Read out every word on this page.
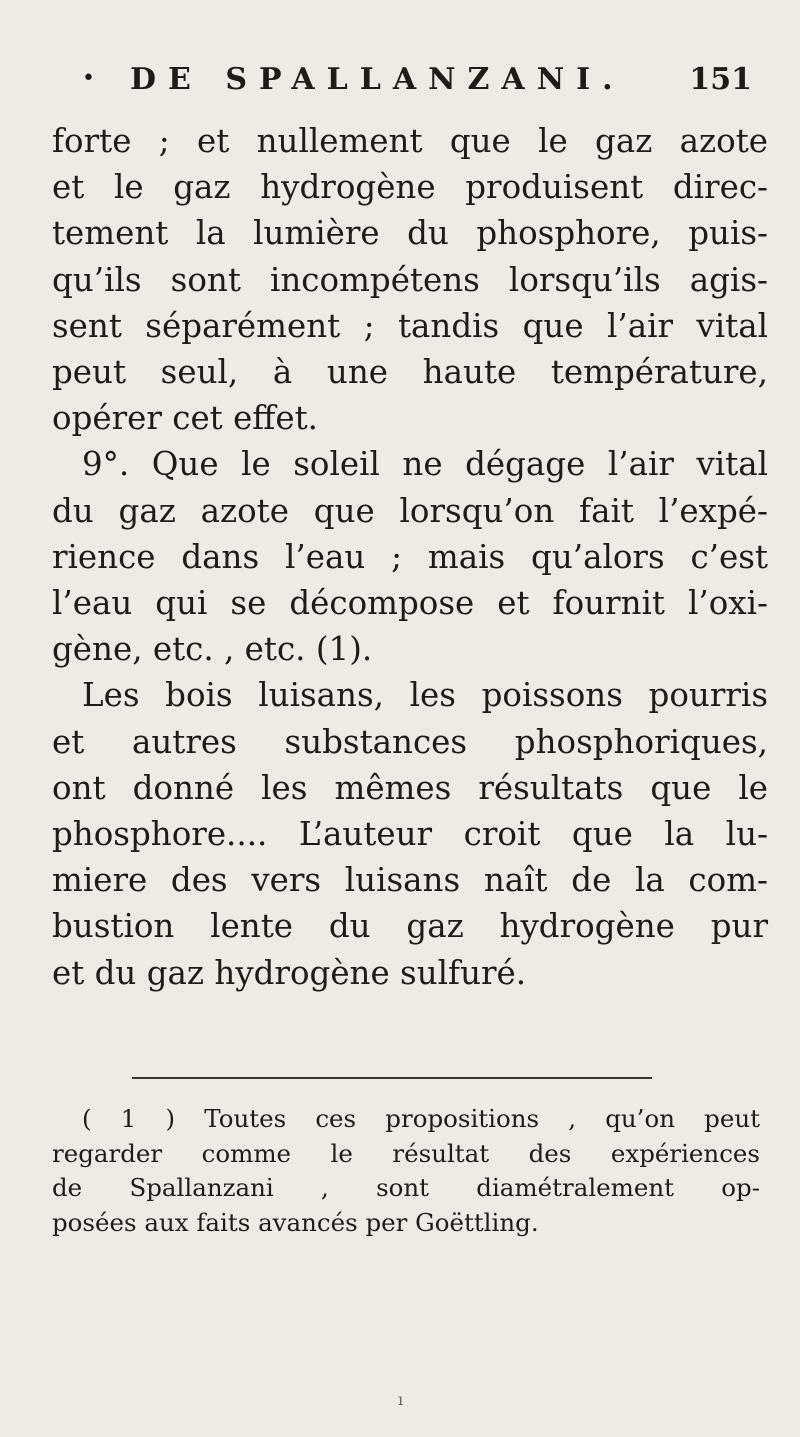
• DE SPALLANZANI. 151
forte ; et nullement que le gaz azote
et le gaz hydrogène produisent direc-
tement la lumière du phosphore, puis-
qu’ils sont incompétens lorsqu’ils agis-
sent séparément ; tandis que l’air vital
peut seul, à une haute température,
opérer cet effet.
9°. Que le soleil ne dégage l’air vital
du gaz azote que lorsqu’on fait l’expé-
rience dans l’eau ; mais qu’alors c’est
l’eau qui se décompose et fournit l’oxi-
gène, etc. , etc. (1).
Les bois luisans, les poissons pourris
et autres substances phosphoriques,
ont donné les mêmes résultats que le
phosphore.... L’auteur croit que la lu-
miere des vers luisans naît de la com-
bustion lente du gaz hydrogène pur
et du gaz hydrogène sulfuré.
( 1 ) Toutes ces propositions , qu’on peut
regarder comme le résultat des expériences
de Spallanzani , sont diamétralement op-
posées aux faits avancés per Goëttling.
ı
